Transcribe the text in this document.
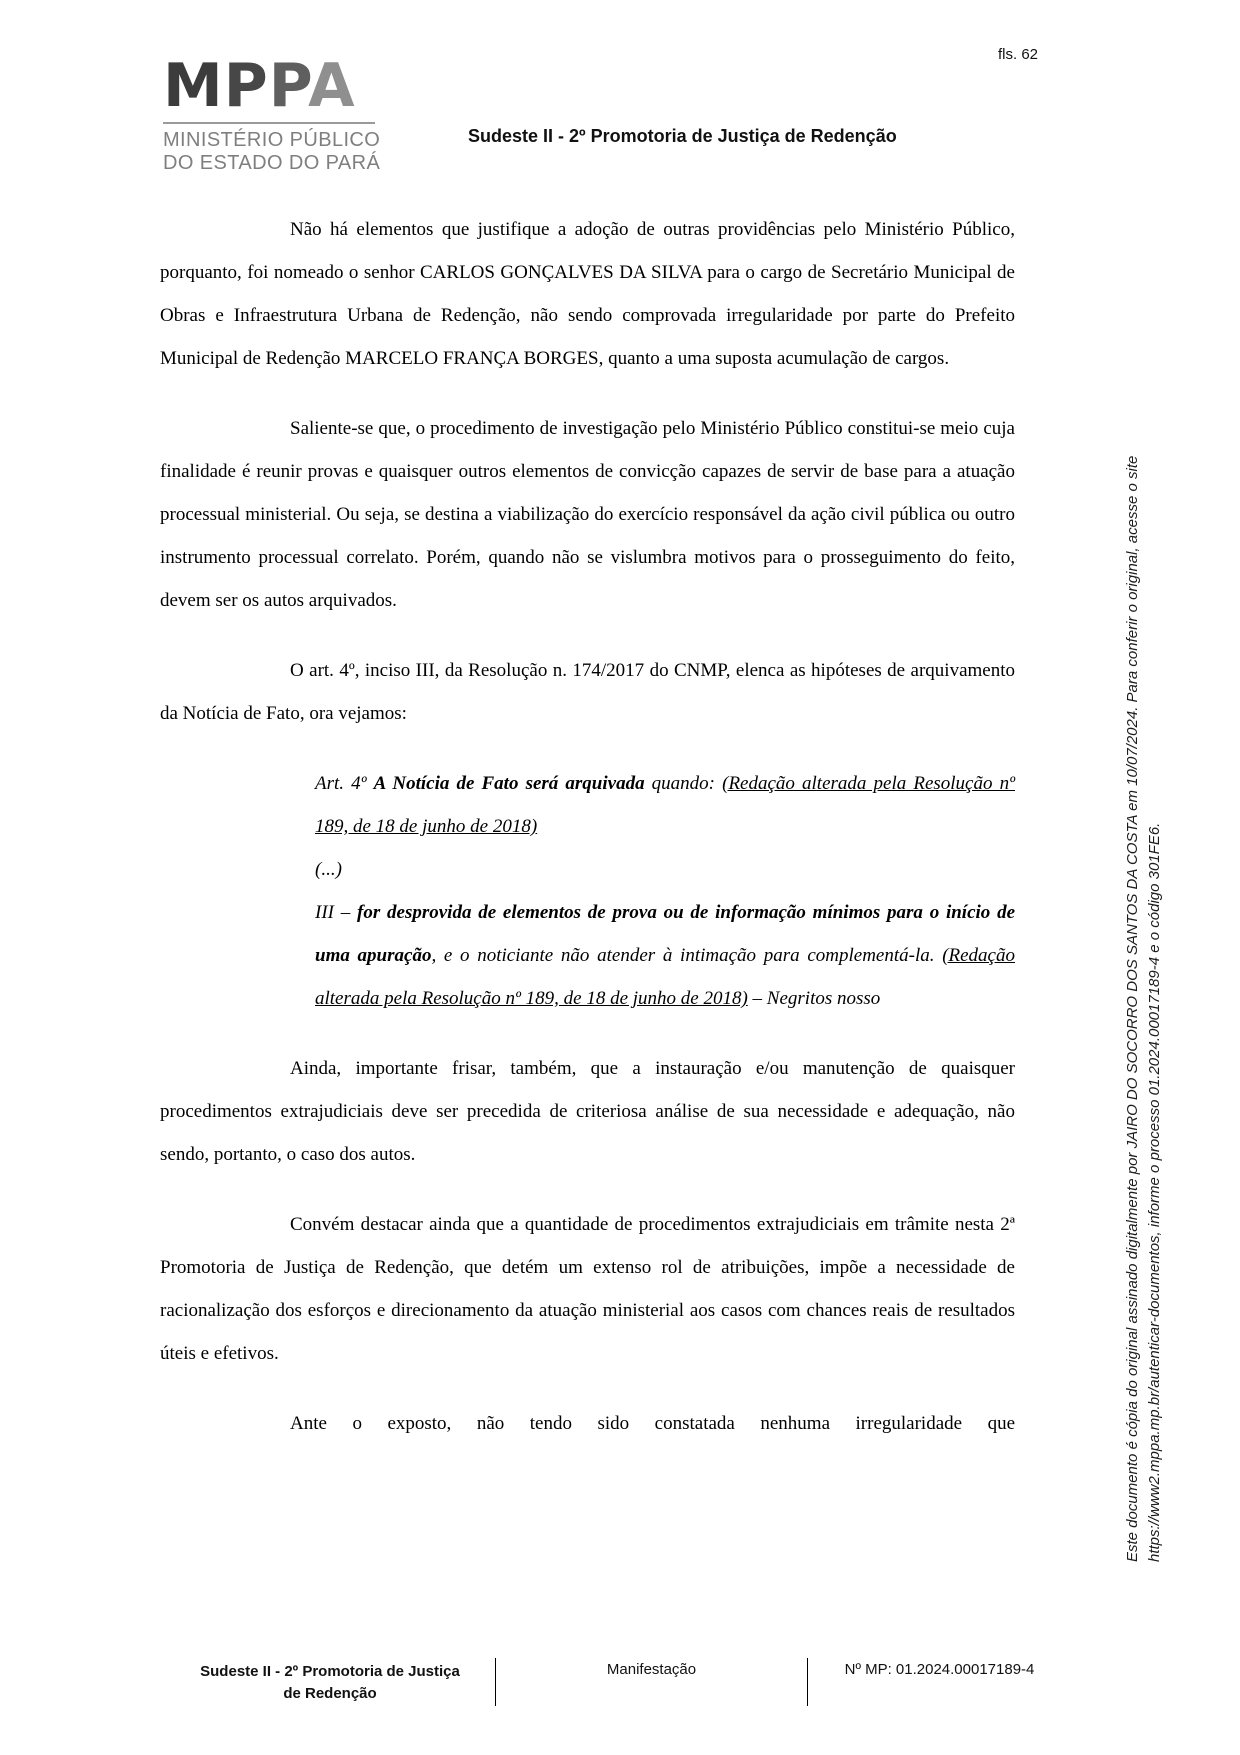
fls. 62
MPPA
MINISTÉRIO PÚBLICO
DO ESTADO DO PARÁ
Sudeste II - 2º Promotoria de Justiça de Redenção

Não há elementos que justifique a adoção de outras providências pelo Ministério Público, porquanto, foi nomeado o senhor CARLOS GONÇALVES DA SILVA para o cargo de Secretário Municipal de Obras e Infraestrutura Urbana de Redenção, não sendo comprovada irregularidade por parte do Prefeito Municipal de Redenção MARCELO FRANÇA BORGES, quanto a uma suposta acumulação de cargos.

Saliente-se que, o procedimento de investigação pelo Ministério Público constitui-se meio cuja finalidade é reunir provas e quaisquer outros elementos de convicção capazes de servir de base para a atuação processual ministerial. Ou seja, se destina a viabilização do exercício responsável da ação civil pública ou outro instrumento processual correlato. Porém, quando não se vislumbra motivos para o prosseguimento do feito, devem ser os autos arquivados.

O art. 4º, inciso III, da Resolução n. 174/2017 do CNMP, elenca as hipóteses de arquivamento da Notícia de Fato, ora vejamos:

Art. 4º A Notícia de Fato será arquivada quando: (Redação alterada pela Resolução nº 189, de 18 de junho de 2018)

(...)

III – for desprovida de elementos de prova ou de informação mínimos para o início de uma apuração, e o noticiante não atender à intimação para complementá-la. (Redação alterada pela Resolução nº 189, de 18 de junho de 2018) – Negritos nosso

Ainda, importante frisar, também, que a instauração e/ou manutenção de quaisquer procedimentos extrajudiciais deve ser precedida de criteriosa análise de sua necessidade e adequação, não sendo, portanto, o caso dos autos.

Convém destacar ainda que a quantidade de procedimentos extrajudiciais em trâmite nesta 2ª Promotoria de Justiça de Redenção, que detém um extenso rol de atribuições, impõe a necessidade de racionalização dos esforços e direcionamento da atuação ministerial aos casos com chances reais de resultados úteis e efetivos.

Ante o exposto, não tendo sido constatada nenhuma irregularidade que	Este documento é cópia do original assinado digitalmente por JAIRO DO SOCORRO DOS SANTOS DA COSTA em 10/07/2024. Para conferir o original, acesse o site https://www2.mppa.mp.br/autenticar-documentos, informe o processo 01.2024.00017189-4 e o código 301FE6.
Sudeste II - 2º Promotoria de Justiça
de Redenção
Manifestação	Nº MP: 01.2024.00017189-4
